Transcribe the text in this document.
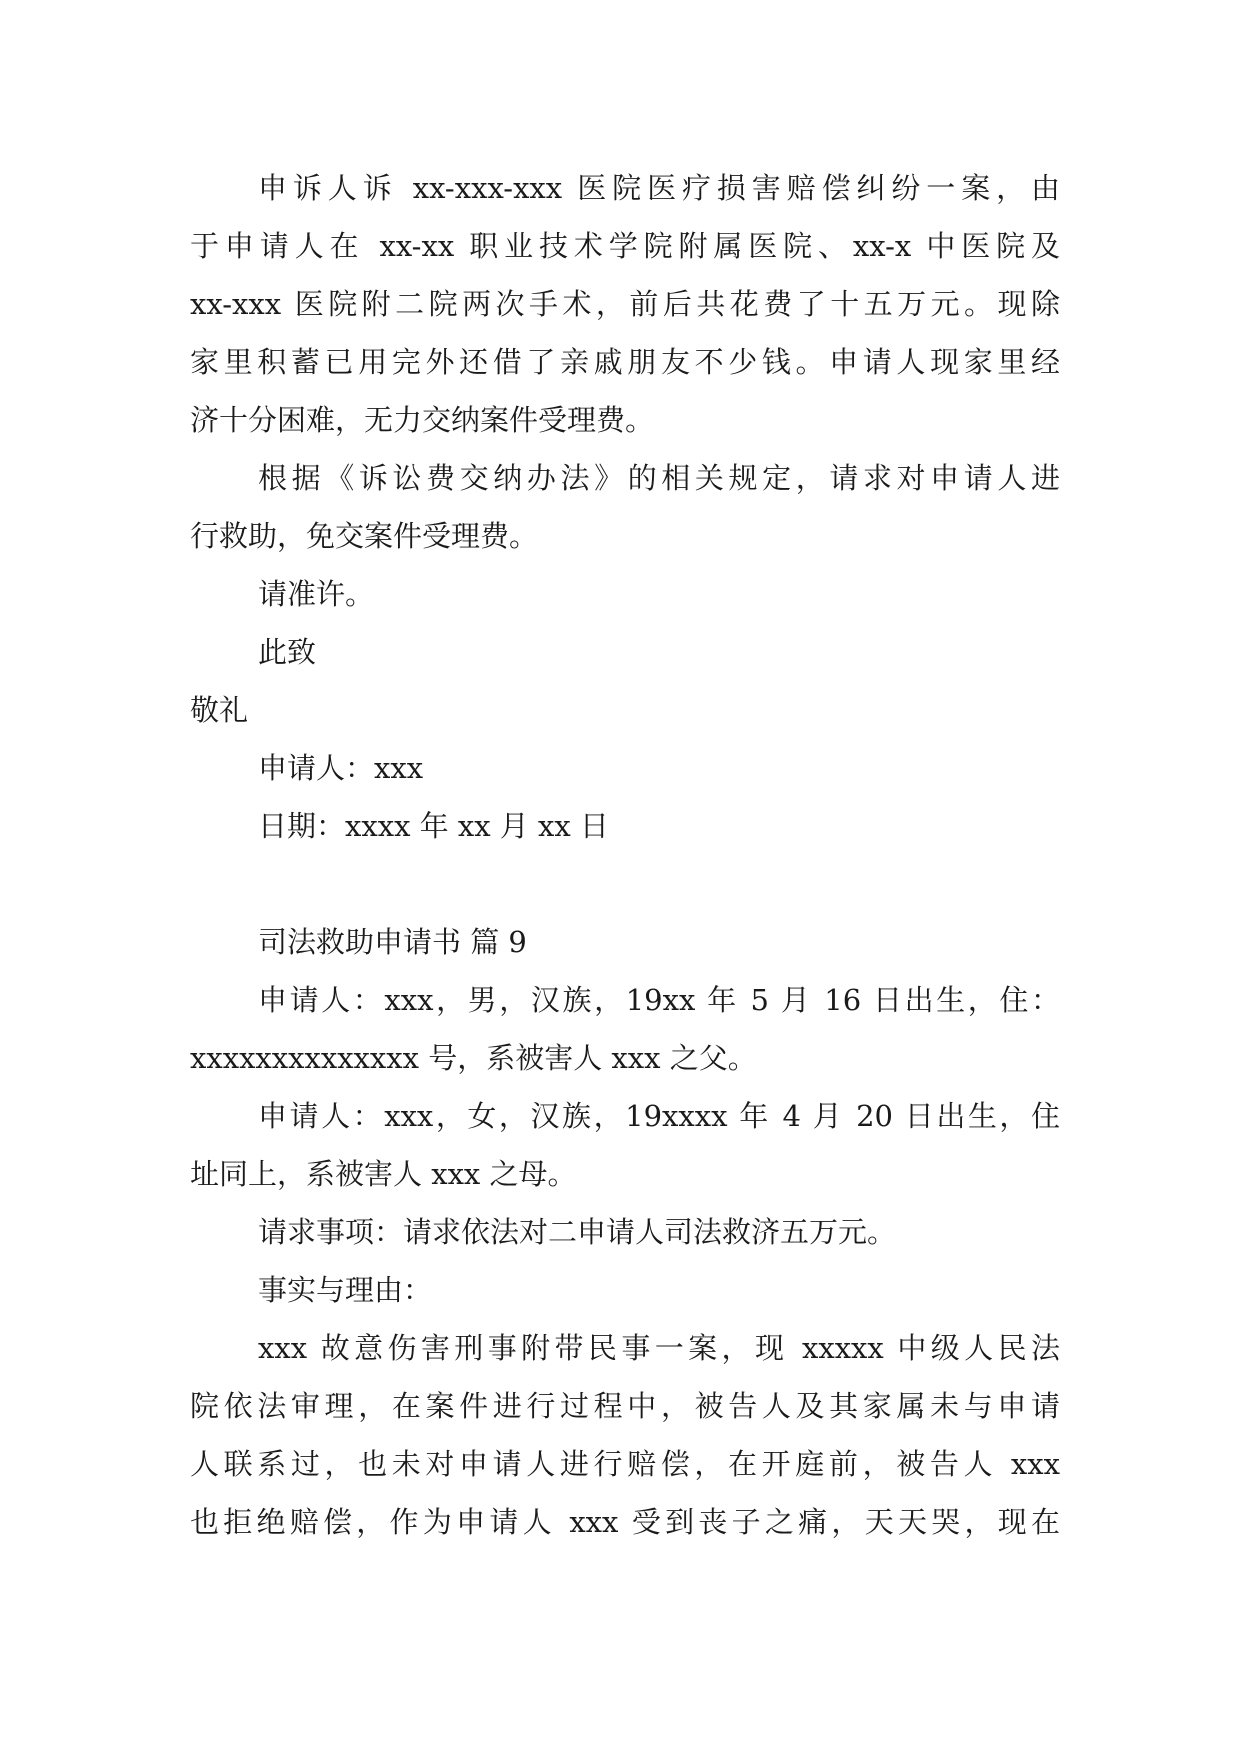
申诉人诉 xx-xxx-xxx 医院医疗损害赔偿纠纷一案，由
于申请人在 xx-xx 职业技术学院附属医院、xx-x 中医院及
xx-xxx 医院附二院两次手术，前后共花费了十五万元。现除
家里积蓄已用完外还借了亲戚朋友不少钱。申请人现家里经
济十分困难，无力交纳案件受理费。
根据《诉讼费交纳办法》的相关规定，请求对申请人进
行救助，免交案件受理费。
请准许。
此致
敬礼
申请人：xxx
日期：xxxx 年 xx 月 xx 日
司法救助申请书 篇 9
申请人：xxx，男，汉族，19xx 年 5 月 16 日出生，住：
xxxxxxxxxxxxxx 号，系被害人 xxx 之父。
申请人：xxx，女，汉族，19xxxx 年 4 月 20 日出生，住
址同上，系被害人 xxx 之母。
请求事项：请求依法对二申请人司法救济五万元。
事实与理由：
xxx 故意伤害刑事附带民事一案，现 xxxxx 中级人民法
院依法审理，在案件进行过程中，被告人及其家属未与申请
人联系过，也未对申请人进行赔偿，在开庭前，被告人 xxx
也拒绝赔偿，作为申请人 xxx 受到丧子之痛，天天哭，现在
